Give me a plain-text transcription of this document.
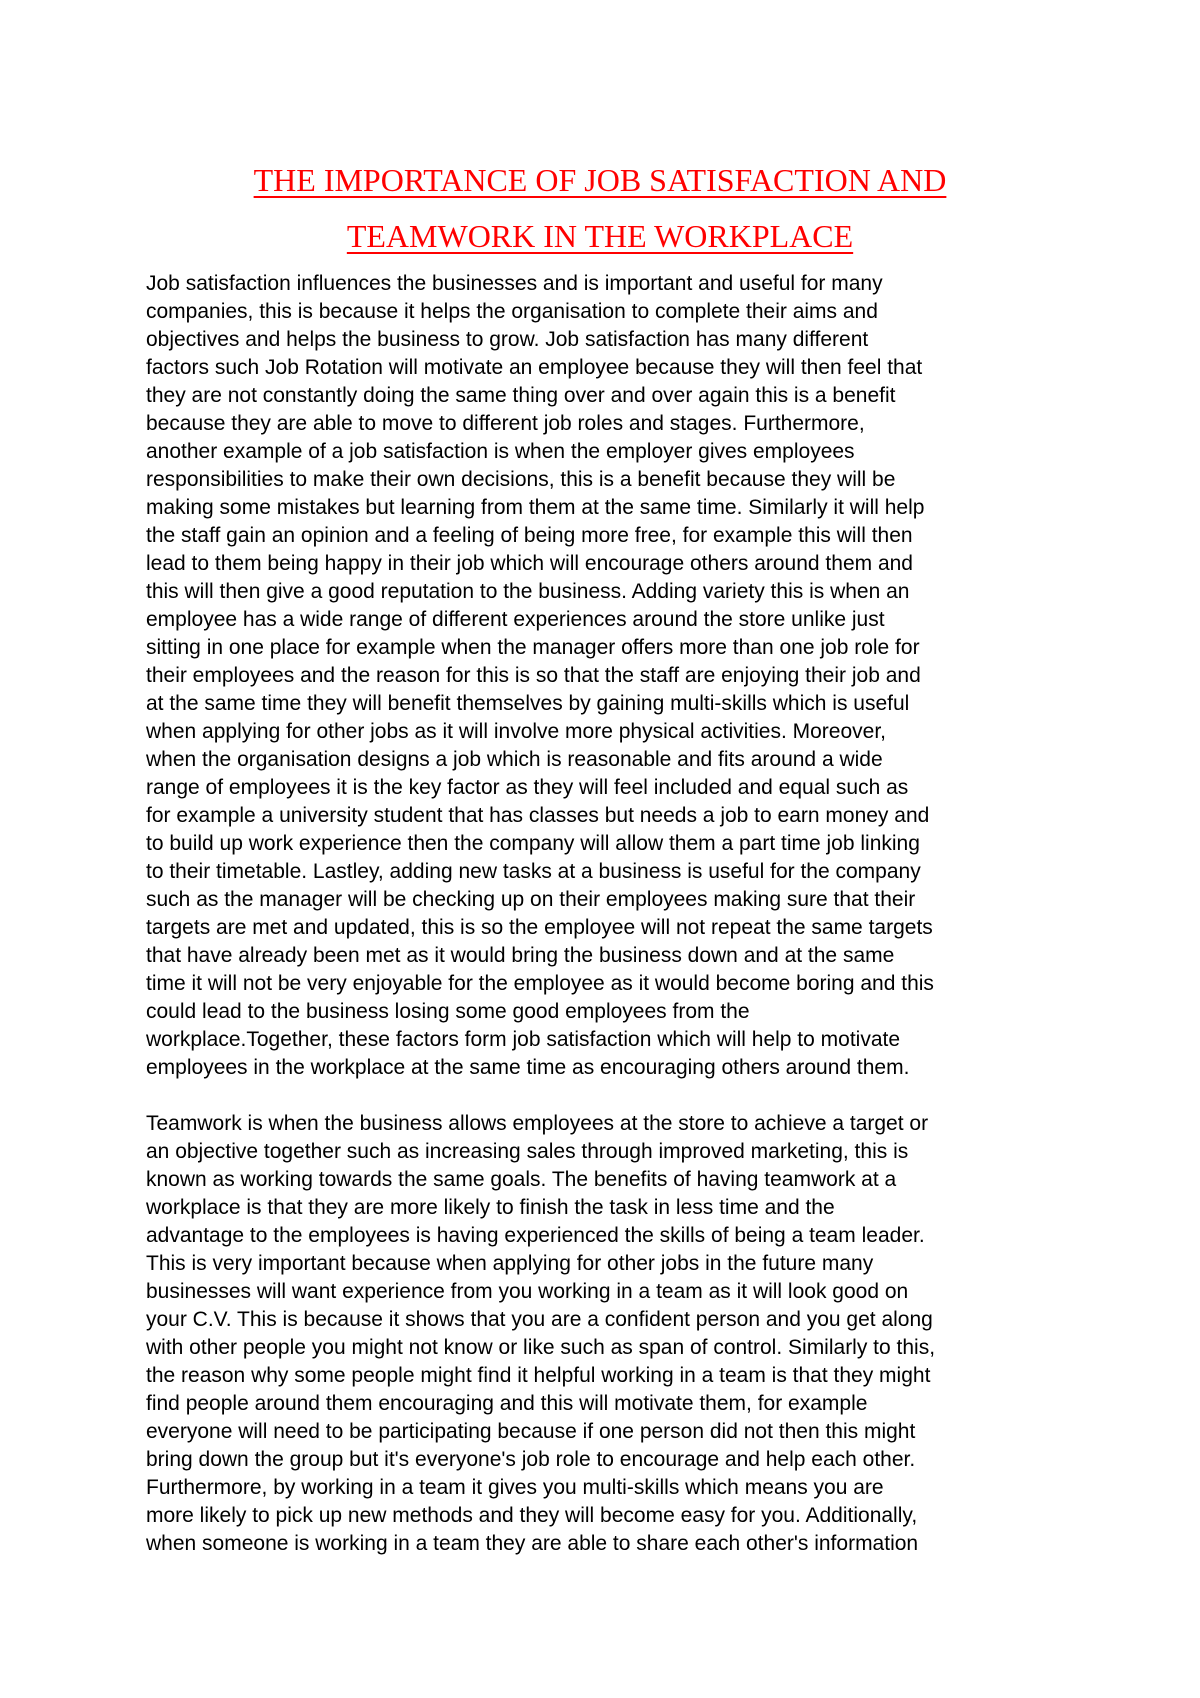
THE IMPORTANCE OF JOB SATISFACTION AND
TEAMWORK IN THE WORKPLACE

Job satisfaction influences the businesses and is important and useful for many
companies, this is because it helps the organisation to complete their aims and
objectives and helps the business to grow. Job satisfaction has many different
factors such Job Rotation will motivate an employee because they will then feel that
they are not constantly doing the same thing over and over again this is a benefit
because they are able to move to different job roles and stages. Furthermore,
another example of a job satisfaction is when the employer gives employees
responsibilities to make their own decisions, this is a benefit because they will be
making some mistakes but learning from them at the same time. Similarly it will help
the staff gain an opinion and a feeling of being more free, for example this will then
lead to them being happy in their job which will encourage others around them and
this will then give a good reputation to the business. Adding variety this is when an
employee has a wide range of different experiences around the store unlike just
sitting in one place for example when the manager offers more than one job role for
their employees and the reason for this is so that the staff are enjoying their job and
at the same time they will benefit themselves by gaining multi-skills which is useful
when applying for other jobs as it will involve more physical activities. Moreover,
when the organisation designs a job which is reasonable and fits around a wide
range of employees it is the key factor as they will feel included and equal such as
for example a university student that has classes but needs a job to earn money and
to build up work experience then the company will allow them a part time job linking
to their timetable. Lastley, adding new tasks at a business is useful for the company
such as the manager will be checking up on their employees making sure that their
targets are met and updated, this is so the employee will not repeat the same targets
that have already been met as it would bring the business down and at the same
time it will not be very enjoyable for the employee as it would become boring and this
could lead to the business losing some good employees from the
workplace.Together, these factors form job satisfaction which will help to motivate
employees in the workplace at the same time as encouraging others around them.

Teamwork is when the business allows employees at the store to achieve a target or
an objective together such as increasing sales through improved marketing, this is
known as working towards the same goals. The benefits of having teamwork at a
workplace is that they are more likely to finish the task in less time and the
advantage to the employees is having experienced the skills of being a team leader.
This is very important because when applying for other jobs in the future many
businesses will want experience from you working in a team as it will look good on
your C.V. This is because it shows that you are a confident person and you get along
with other people you might not know or like such as span of control. Similarly to this,
the reason why some people might find it helpful working in a team is that they might
find people around them encouraging and this will motivate them, for example
everyone will need to be participating because if one person did not then this might
bring down the group but it's everyone's job role to encourage and help each other.
Furthermore, by working in a team it gives you multi-skills which means you are
more likely to pick up new methods and they will become easy for you. Additionally,
when someone is working in a team they are able to share each other's information
